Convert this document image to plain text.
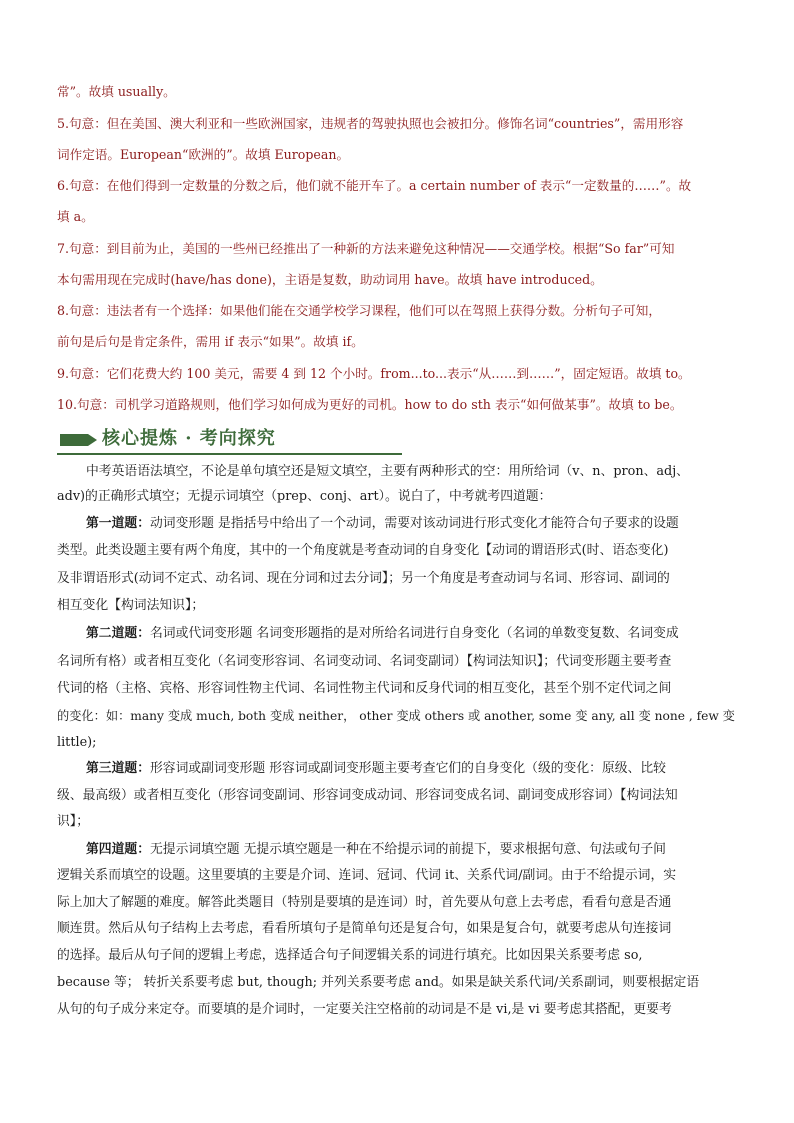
常”。故填 usually。
5.句意：但在美国、澳大利亚和一些欧洲国家，违规者的驾驶执照也会被扣分。修饰名词“countries”，需用形容
词作定语。European“欧洲的”。故填 European。
6.句意：在他们得到一定数量的分数之后，他们就不能开车了。a certain number of 表示“一定数量的……”。故
填 a。
7.句意：到目前为止，美国的一些州已经推出了一种新的方法来避免这种情况——交通学校。根据“So far”可知
本句需用现在完成时(have/has done)，主语是复数，助动词用 have。故填 have introduced。
8.句意：违法者有一个选择：如果他们能在交通学校学习课程，他们可以在驾照上获得分数。分析句子可知，
前句是后句是肯定条件，需用 if 表示“如果”。故填 if。
9.句意：它们花费大约 100 美元，需要 4 到 12 个小时。from...to...表示“从……到……”，固定短语。故填 to。
10.句意：司机学习道路规则，他们学习如何成为更好的司机。how to do sth 表示“如何做某事”。故填 to be。
核心提炼 · 考向探究
中考英语语法填空，不论是单句填空还是短文填空，主要有两种形式的空：用所给词（v、n、pron、adj、
adv)的正确形式填空；无提示词填空（prep、conj、art）。说白了，中考就考四道题：
第一道题：动词变形题 是指括号中给出了一个动词，需要对该动词进行形式变化才能符合句子要求的设题
类型。此类设题主要有两个角度，其中的一个角度就是考查动词的自身变化【动词的谓语形式(时、语态变化)
及非谓语形式(动词不定式、动名词、现在分词和过去分词】；另一个角度是考查动词与名词、形容词、副词的
相互变化【构词法知识】；
第二道题：名词或代词变形题 名词变形题指的是对所给名词进行自身变化（名词的单数变复数、名词变成
名词所有格）或者相互变化（名词变形容词、名词变动词、名词变副词）【构词法知识】；代词变形题主要考查
代词的格（主格、宾格、形容词性物主代词、名词性物主代词和反身代词的相互变化，甚至个别不定代词之间
的变化：如：many 变成 much, both 变成 neither， other 变成 others 或 another, some 变 any, all 变 none , few 变
little);
第三道题：形容词或副词变形题 形容词或副词变形题主要考查它们的自身变化（级的变化：原级、比较
级、最高级）或者相互变化（形容词变副词、形容词变成动词、形容词变成名词、副词变成形容词）【构词法知
识】；
第四道题：无提示词填空题 无提示填空题是一种在不给提示词的前提下，要求根据句意、句法或句子间
逻辑关系而填空的设题。这里要填的主要是介词、连词、冠词、代词 it、关系代词/副词。由于不给提示词，实
际上加大了解题的难度。解答此类题目（特别是要填的是连词）时，首先要从句意上去考虑，看看句意是否通
顺连贯。然后从句子结构上去考虑，看看所填句子是简单句还是复合句，如果是复合句，就要考虑从句连接词
的选择。最后从句子间的逻辑上考虑，选择适合句子间逻辑关系的词进行填充。比如因果关系要考虑 so,
because 等； 转折关系要考虑 but, though; 并列关系要考虑 and。如果是缺关系代词/关系副词，则要根据定语
从句的句子成分来定夺。而要填的是介词时，一定要关注空格前的动词是不是 vi,是 vi 要考虑其搭配，更要考
